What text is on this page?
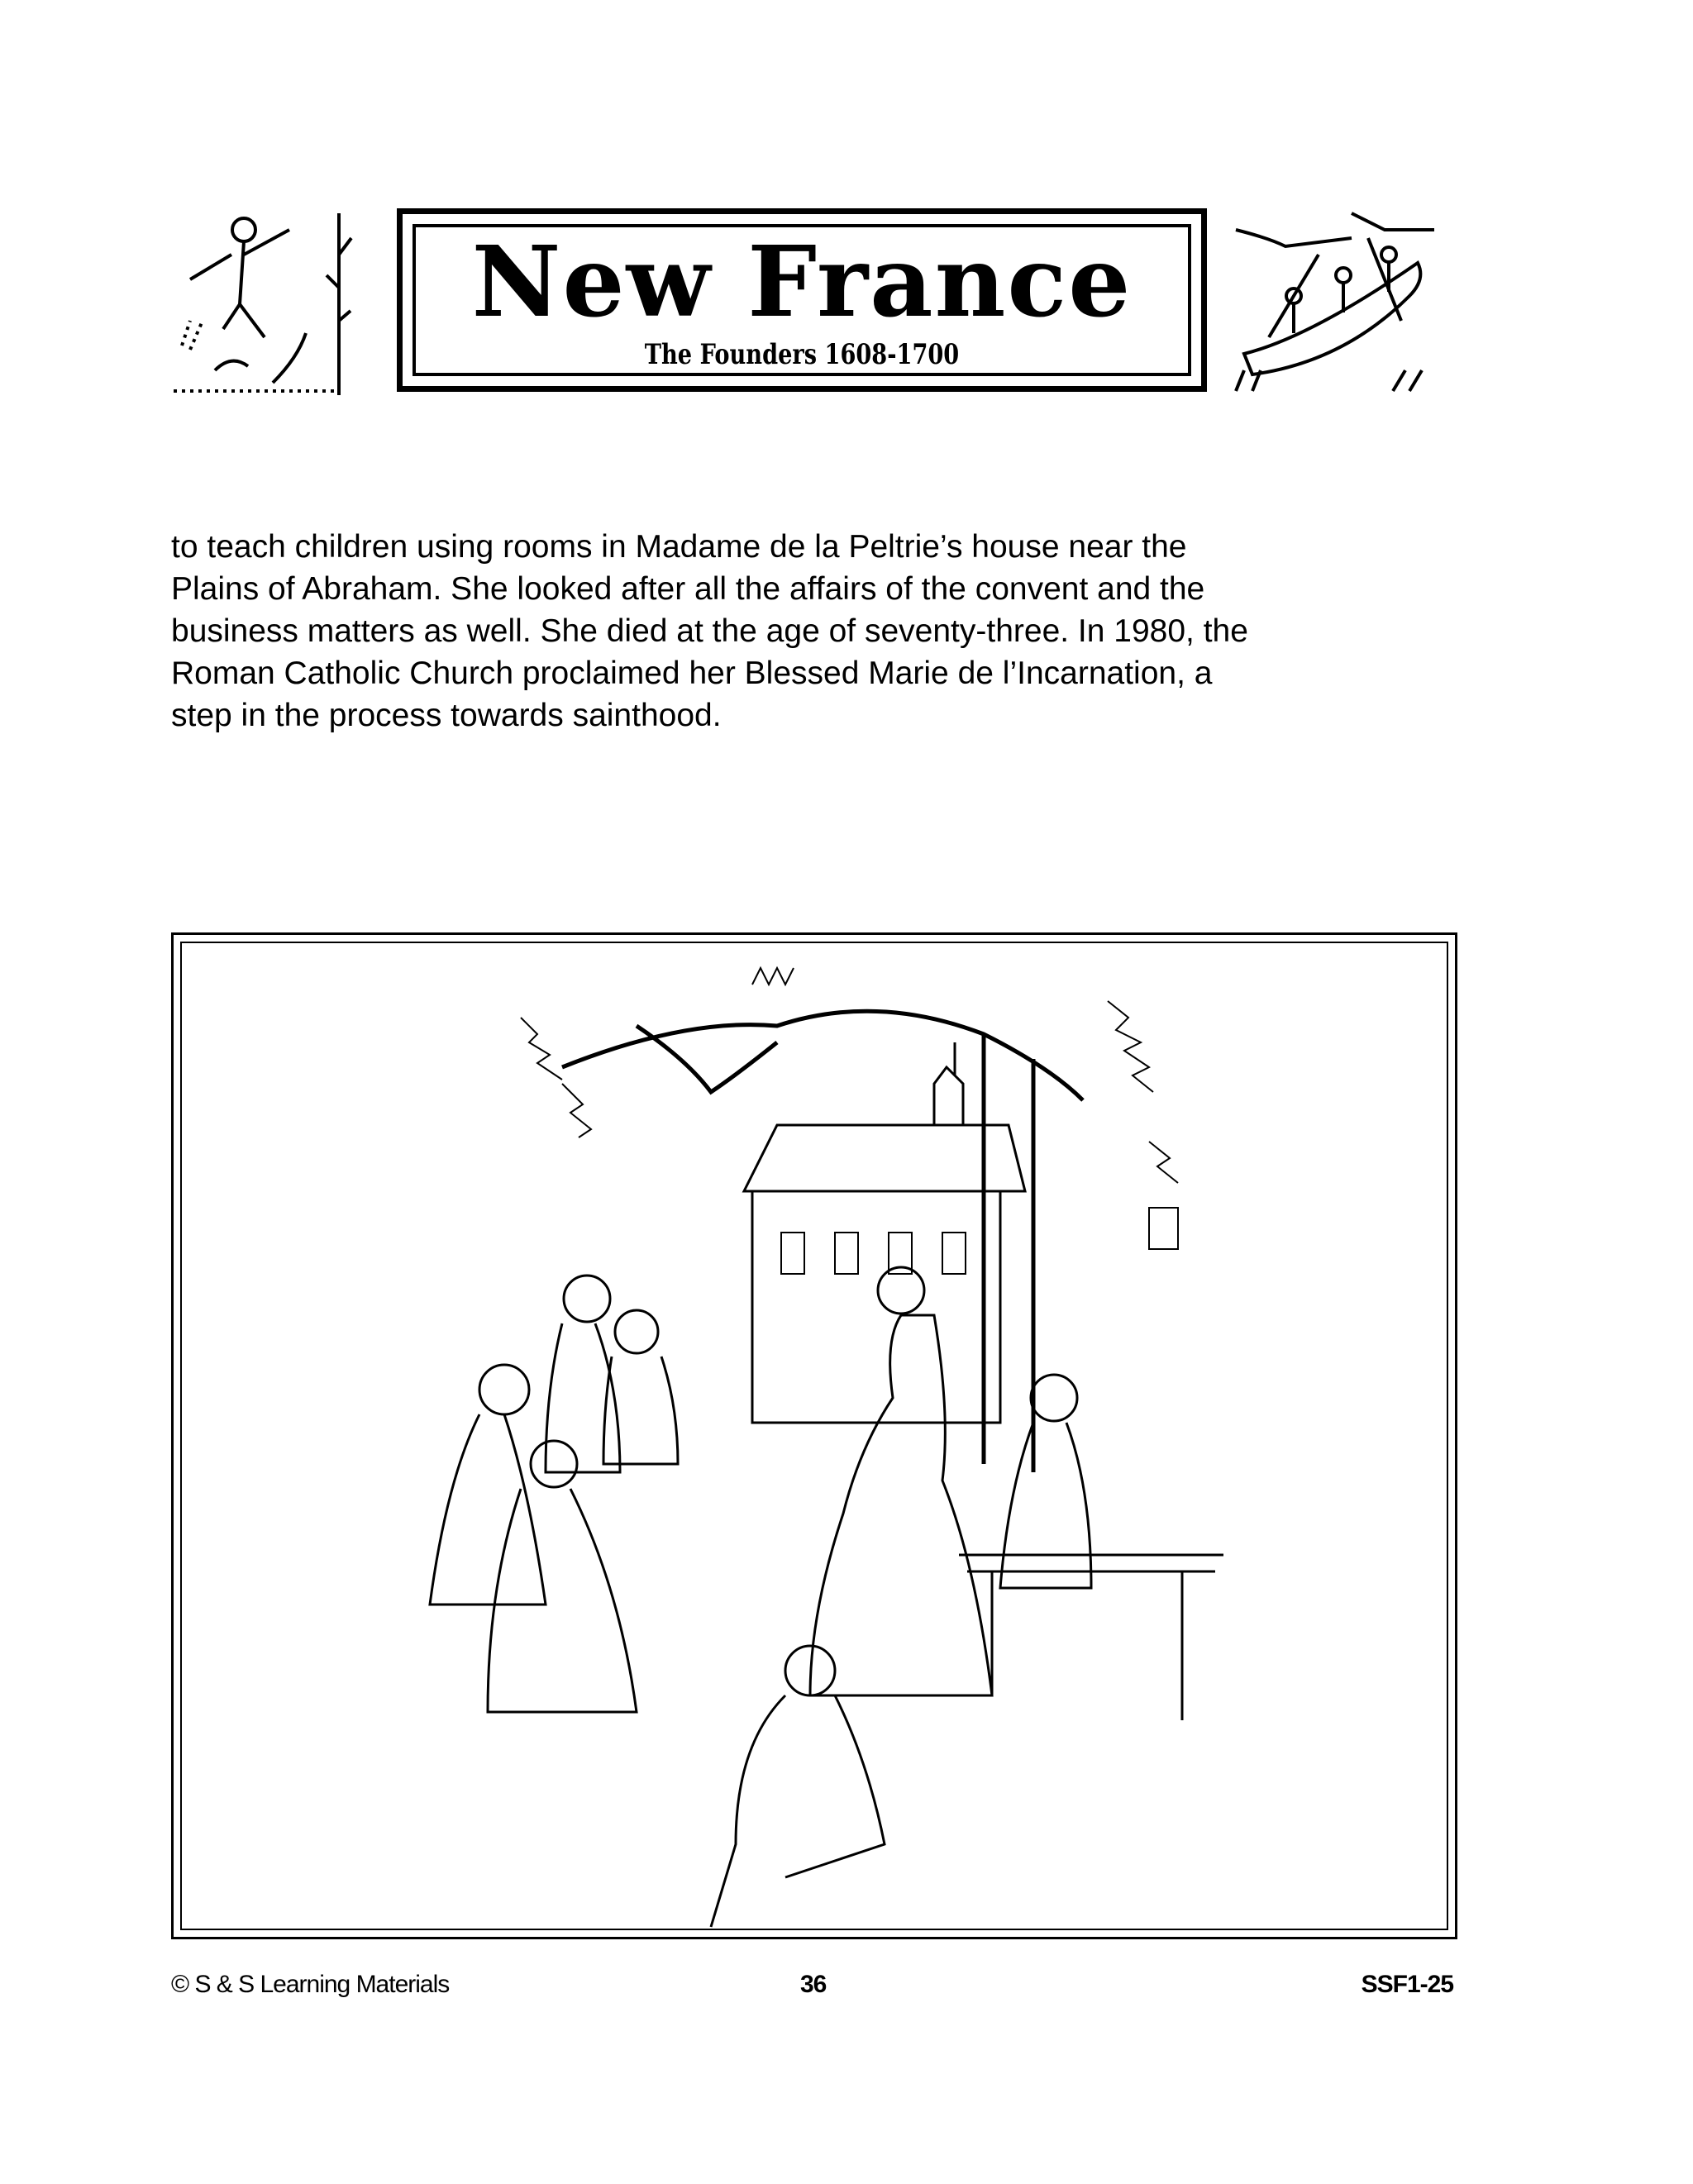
New France
The Founders 1608-1700

to teach children using rooms in Madame de la Peltrie’s house near the

Plains of Abraham. She looked after all the affairs of the convent and the

business matters as well. She died at the age of seventy-three. In 1980, the

Roman Catholic Church proclaimed her Blessed Marie de l’Incarnation, a

step in the process towards sainthood.

© S & S Learning Materials	36	SSF1-25
